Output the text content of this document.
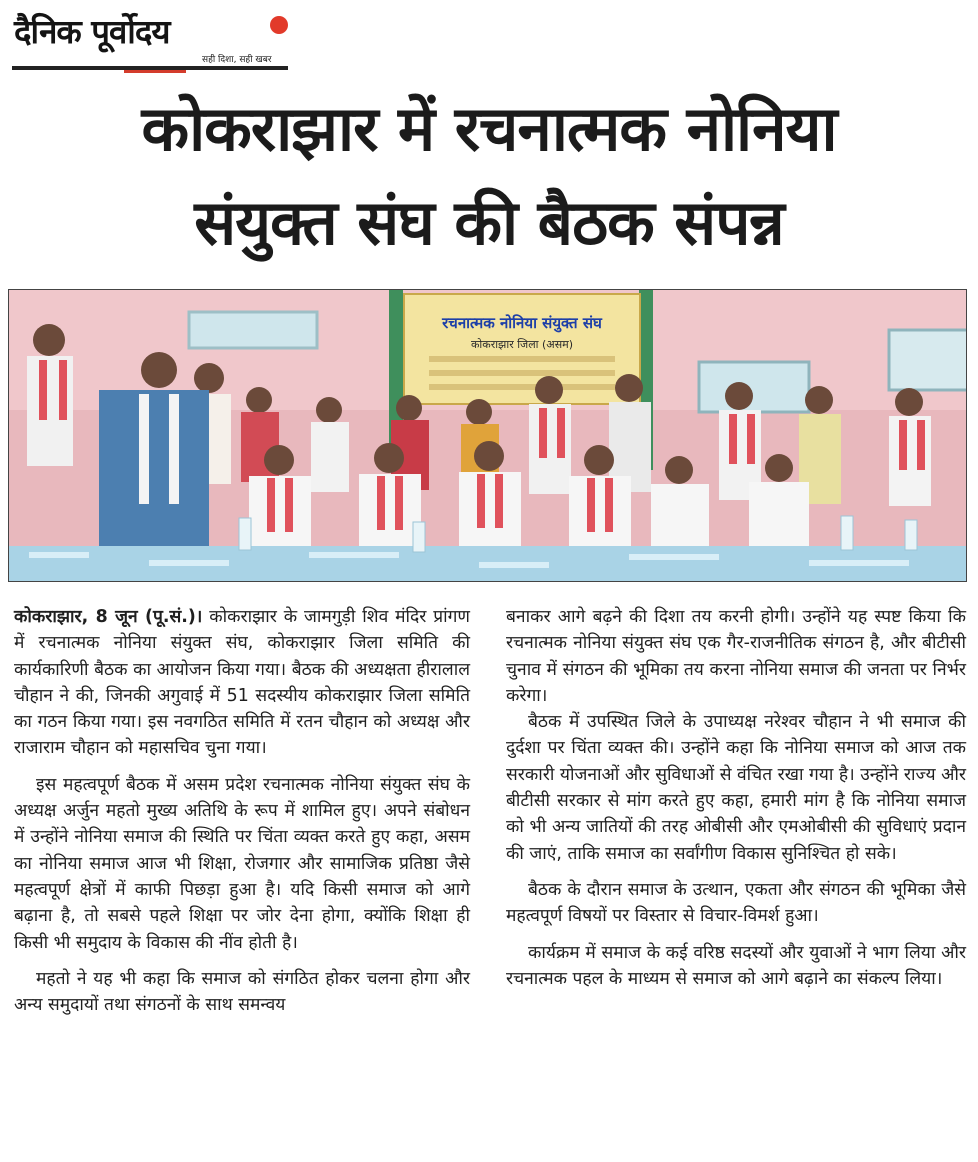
दैनिक पूर्वोदय
सही दिशा, सही खबर
कोकराझार में रचनात्मक नोनिया
संयुक्त संघ की बैठक संपन्न
रचनात्मक नोनिया संयुक्त संघ
कोकराझार जिला (असम)

कोकराझार, 8 जून (पू.सं.)। कोकराझार के जामगुड़ी शिव मंदिर प्रांगण में रचनात्मक नोनिया संयुक्त संघ, कोकराझार जिला समिति की कार्यकारिणी बैठक का आयोजन किया गया। बैठक की अध्यक्षता हीरालाल चौहान ने की, जिनकी अगुवाई में 51 सदस्यीय कोकराझार जिला समिति का गठन किया गया। इस नवगठित समिति में रतन चौहान को अध्यक्ष और राजाराम चौहान को महासचिव चुना गया।

इस महत्वपूर्ण बैठक में असम प्रदेश रचनात्मक नोनिया संयुक्त संघ के अध्यक्ष अर्जुन महतो मुख्य अतिथि के रूप में शामिल हुए। अपने संबोधन में उन्होंने नोनिया समाज की स्थिति पर चिंता व्यक्त करते हुए कहा, असम का नोनिया समाज आज भी शिक्षा, रोजगार और सामाजिक प्रतिष्ठा जैसे महत्वपूर्ण क्षेत्रों में काफी पिछड़ा हुआ है। यदि किसी समाज को आगे बढ़ाना है, तो सबसे पहले शिक्षा पर जोर देना होगा, क्योंकि शिक्षा ही किसी भी समुदाय के विकास की नींव होती है।

महतो ने यह भी कहा कि समाज को संगठित होकर चलना होगा और अन्य समुदायों तथा संगठनों के साथ समन्वय

बनाकर आगे बढ़ने की दिशा तय करनी होगी। उन्होंने यह स्पष्ट किया कि रचनात्मक नोनिया संयुक्त संघ एक गैर-राजनीतिक संगठन है, और बीटीसी चुनाव में संगठन की भूमिका तय करना नोनिया समाज की जनता पर निर्भर करेगा।

बैठक में उपस्थित जिले के उपाध्यक्ष नरेश्वर चौहान ने भी समाज की दुर्दशा पर चिंता व्यक्त की। उन्होंने कहा कि नोनिया समाज को आज तक सरकारी योजनाओं और सुविधाओं से वंचित रखा गया है। उन्होंने राज्य और बीटीसी सरकार से मांग करते हुए कहा, हमारी मांग है कि नोनिया समाज को भी अन्य जातियों की तरह ओबीसी और एमओबीसी की सुविधाएं प्रदान की जाएं, ताकि समाज का सर्वांगीण विकास सुनिश्चित हो सके।

बैठक के दौरान समाज के उत्थान, एकता और संगठन की भूमिका जैसे महत्वपूर्ण विषयों पर विस्तार से विचार-विमर्श हुआ।

कार्यक्रम में समाज के कई वरिष्ठ सदस्यों और युवाओं ने भाग लिया और रचनात्मक पहल के माध्यम से समाज को आगे बढ़ाने का संकल्प लिया।
